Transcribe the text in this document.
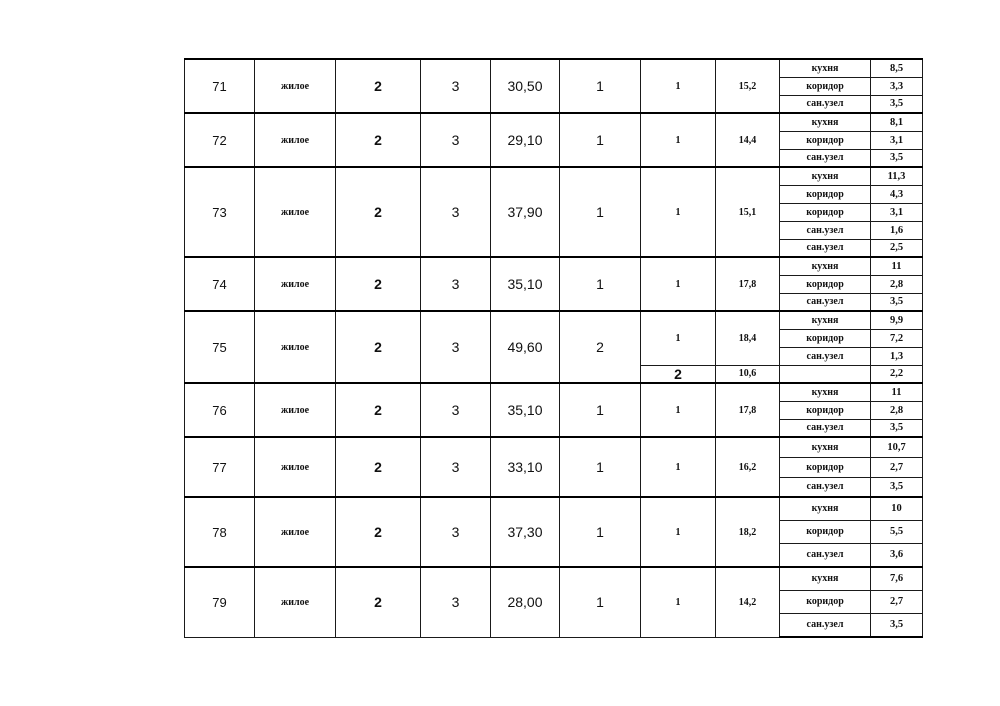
71	жилое	2	3	30,50	1	1	15,2	кухня	8,5
								коридор	3,3
								сан.узел	3,5
72	жилое	2	3	29,10	1	1	14,4	кухня	8,1
								коридор	3,1
								сан.узел	3,5
73	жилое	2	3	37,90	1	1	15,1	кухня	11,3
								коридор	4,3
								коридор	3,1
								сан.узел	1,6
								сан.узел	2,5
74	жилое	2	3	35,10	1	1	17,8	кухня	11
								коридор	2,8
								сан.узел	3,5
75	жилое	2	3	49,60	2	1	18,4	кухня	9,9
								коридор	7,2
								сан.узел	1,3
						2	10,6		2,2
76	жилое	2	3	35,10	1	1	17,8	кухня	11
								коридор	2,8
								сан.узел	3,5
77	жилое	2	3	33,10	1	1	16,2	кухня	10,7
								коридор	2,7
								сан.узел	3,5
78	жилое	2	3	37,30	1	1	18,2	кухня	10
								коридор	5,5
								сан.узел	3,6
79	жилое	2	3	28,00	1	1	14,2	кухня	7,6
								коридор	2,7
								сан.узел	3,5
